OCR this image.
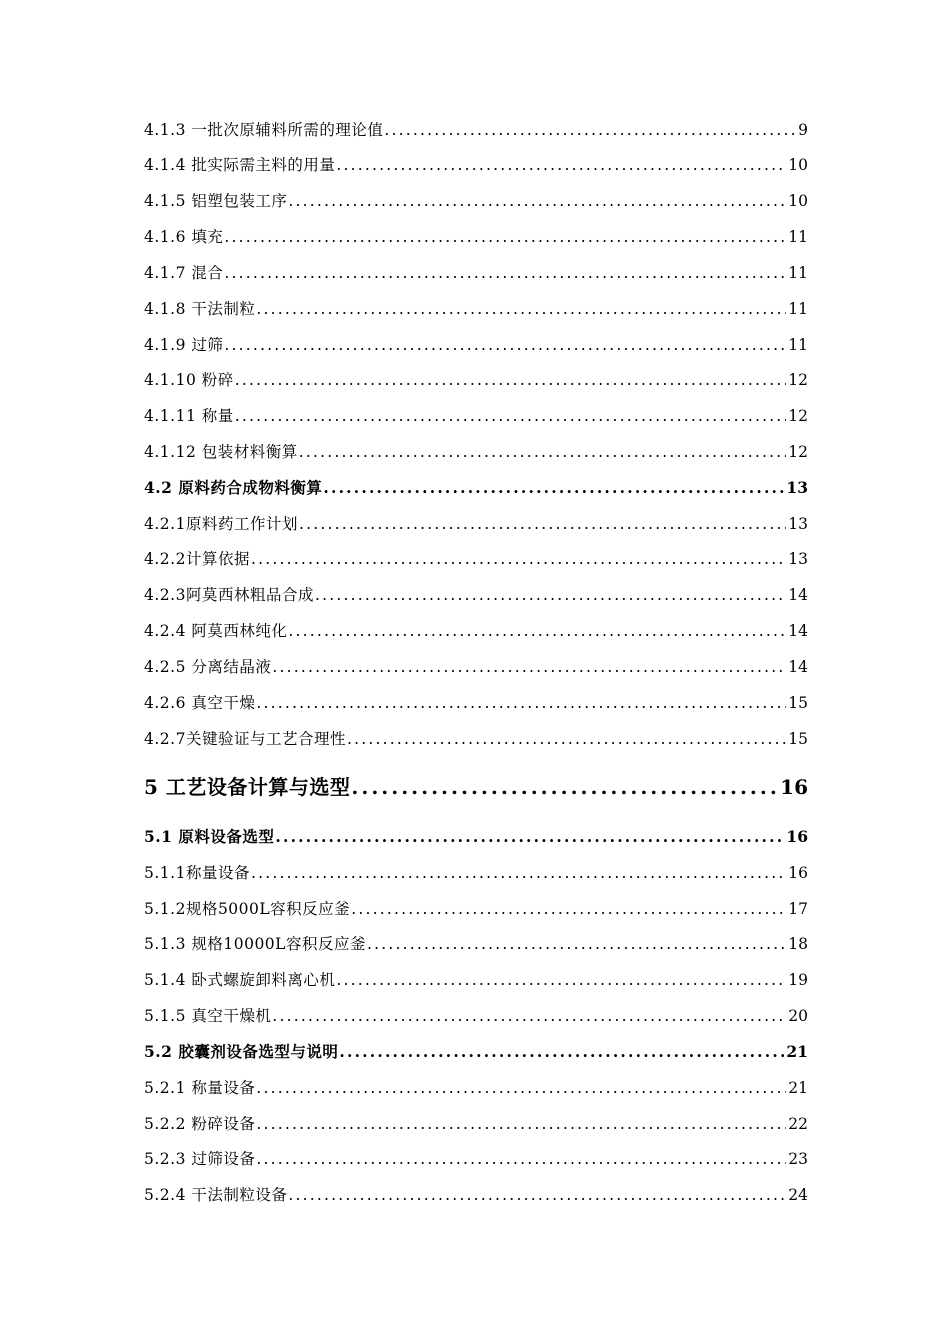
4.1.3 一批次原辅料所需的理论值 .....	9
4.1.4 批实际需主料的用量 .....	10
4.1.5 铝塑包装工序 .....	10
4.1.6 填充 .....	11
4.1.7 混合 .....	11
4.1.8 干法制粒 .....	11
4.1.9 过筛 .....	11
4.1.10 粉碎 .....	12
4.1.11 称量 .....	12
4.1.12 包装材料衡算 .....	12
4.2 原料药合成物料衡算 .....	13
4.2.1原料药工作计划 .....	13
4.2.2计算依据 .....	13
4.2.3阿莫西林粗品合成 .....	14
4.2.4 阿莫西林纯化 .....	14
4.2.5 分离结晶液 .....	14
4.2.6 真空干燥 .....	15
4.2.7关键验证与工艺合理性 .....	15
5 工艺设备计算与选型 .....	16
5.1 原料设备选型 .....	16
5.1.1称量设备 .....	16
5.1.2规格5000L容积反应釜 .....	17
5.1.3 规格10000L容积反应釜 .....	18
5.1.4 卧式螺旋卸料离心机 .....	19
5.1.5 真空干燥机 .....	20
5.2 胶囊剂设备选型与说明 .....	21
5.2.1 称量设备 .....	21
5.2.2 粉碎设备 .....	22
5.2.3 过筛设备 .....	23
5.2.4 干法制粒设备 .....	24
